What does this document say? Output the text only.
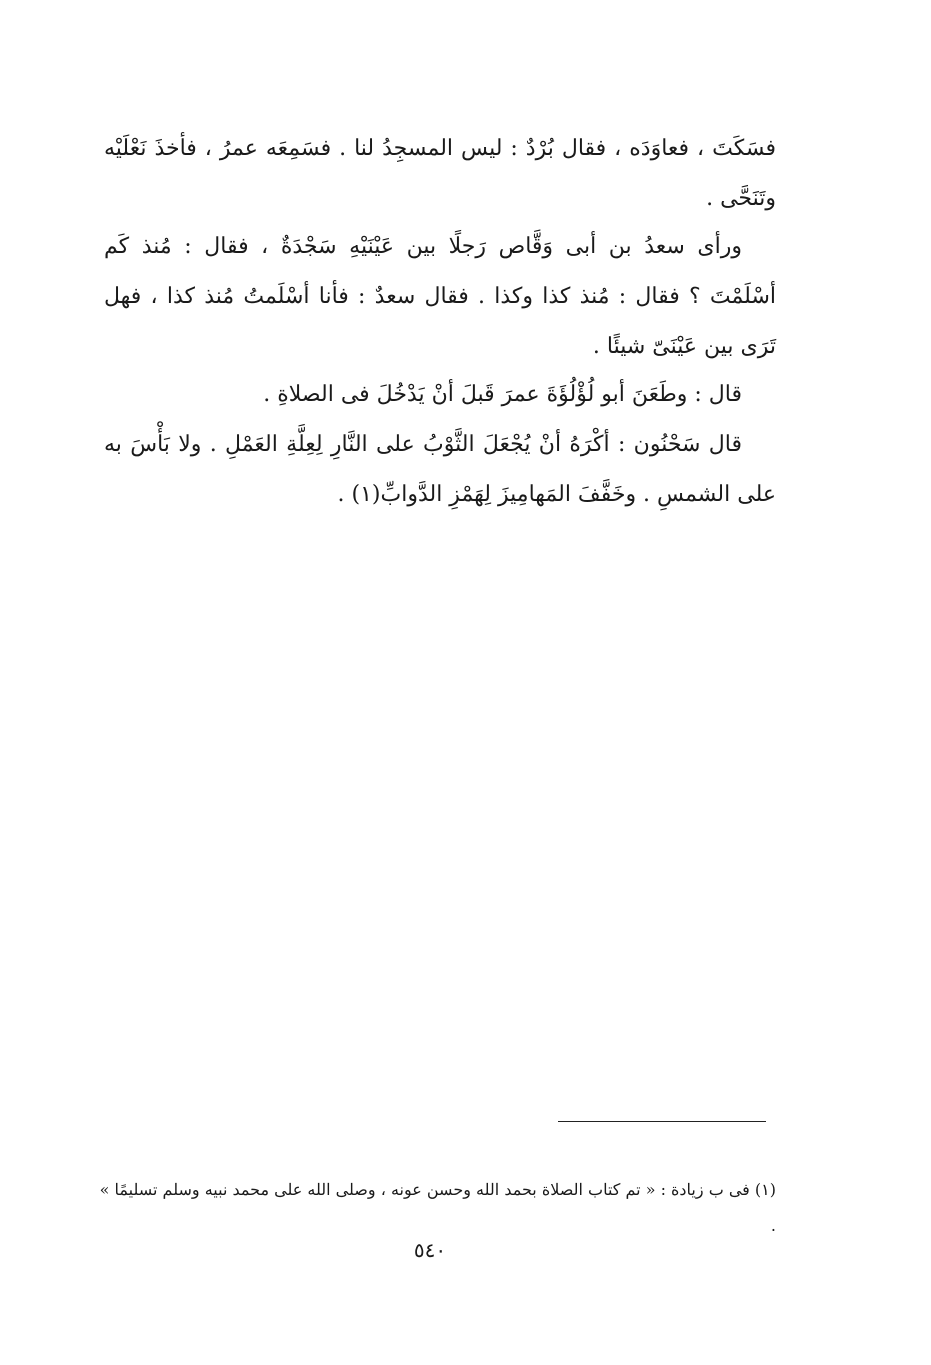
فسَكَتَ ، فعاوَدَه ، فقال بُرْدٌ : ليس المسجِدُ لنا . فسَمِعَه عمرُ ، فأخذَ نَعْلَيْه وتَنَحَّى .

ورأى سعدُ بن أبى وَقَّاص رَجلًا بين عَيْنَيْهِ سَجْدَةٌ ، فقال : مُنذ كَم أسْلَمْتَ ؟ فقال : مُنذ كذا وكذا . فقال سعدٌ : فأنا أسْلَمتُ مُنذ كذا ، فهل تَرَى بين عَيْنَىّ شيئًا .

قال : وطَعَنَ أبو لُؤْلُؤَةَ عمرَ قَبلَ أنْ يَدْخُلَ فى الصلاةِ .

قال سَحْنُون : أكْرَهُ أنْ يُجْعَلَ الثَّوْبُ على النَّارِ لِعِلَّةِ العَمْلِ . ولا بَأْسَ به على الشمسِ . وخَفَّفَ المَهامِيزَ لِهَمْزِ الدَّوابِّ(١) .

(١) فى ب زيادة : « تم كتاب الصلاة بحمد الله وحسن عونه ، وصلى الله على محمد نبيه وسلم تسليمًا » .

٥٤٠
